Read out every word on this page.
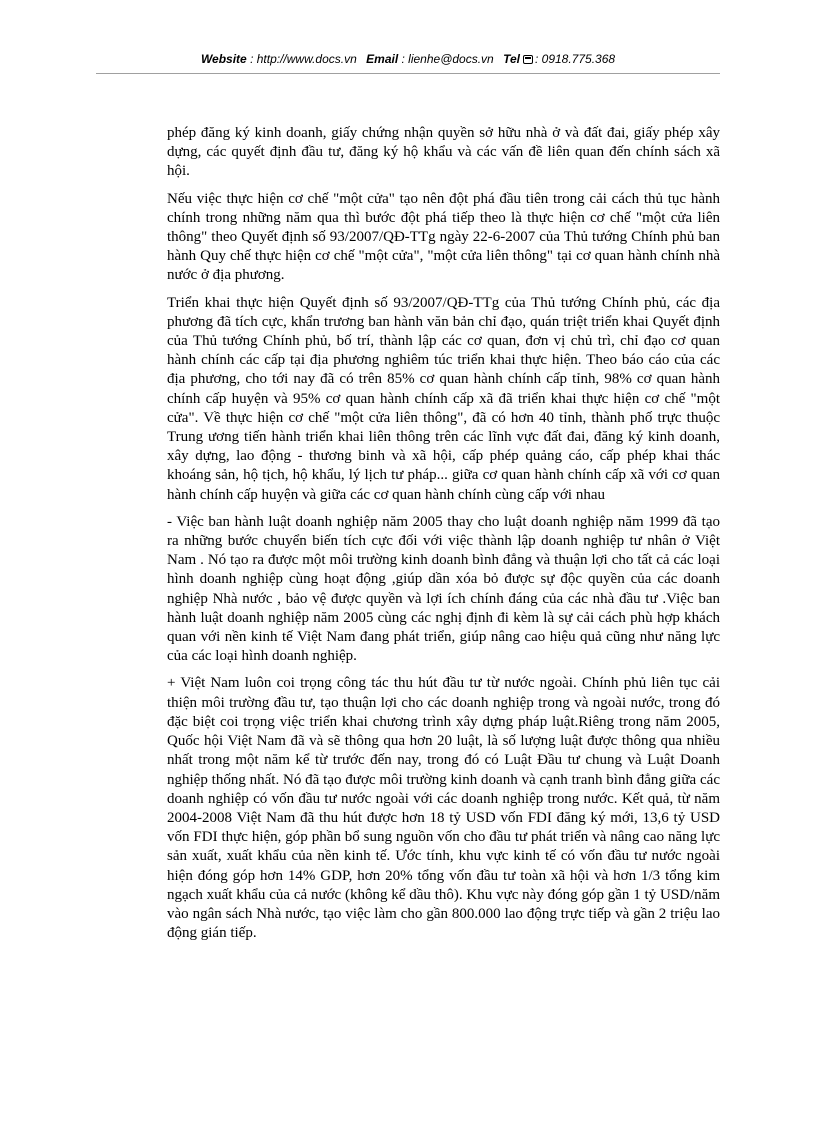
Website : http://www.docs.vn Email : lienhe@docs.vn Tel : 0918.775.368

phép đăng ký kinh doanh, giấy chứng nhận quyền sở hữu nhà ở và đất đai, giấy phép xây dựng, các quyết định đầu tư, đăng ký hộ khẩu và các vấn đề liên quan đến chính sách xã hội.

Nếu việc thực hiện cơ chế "một cửa" tạo nên đột phá đầu tiên trong cải cách thủ tục hành chính trong những năm qua thì bước đột phá tiếp theo là thực hiện cơ chế "một cửa liên thông" theo Quyết định số 93/2007/QĐ-TTg ngày 22-6-2007 của Thủ tướng Chính phủ ban hành Quy chế thực hiện cơ chế "một cửa", "một cửa liên thông" tại cơ quan hành chính nhà nước ở địa phương.

Triển khai thực hiện Quyết định số 93/2007/QĐ-TTg của Thủ tướng Chính phủ, các địa phương đã tích cực, khẩn trương ban hành văn bản chỉ đạo, quán triệt triển khai Quyết định của Thủ tướng Chính phủ, bố trí, thành lập các cơ quan, đơn vị chủ trì, chỉ đạo cơ quan hành chính các cấp tại địa phương nghiêm túc triển khai thực hiện. Theo báo cáo của các địa phương, cho tới nay đã có trên 85% cơ quan hành chính cấp tỉnh, 98% cơ quan hành chính cấp huyện và 95% cơ quan hành chính cấp xã đã triển khai thực hiện cơ chế "một cửa". Về thực hiện cơ chế "một cửa liên thông", đã có hơn 40 tỉnh, thành phố trực thuộc Trung ương tiến hành triển khai liên thông trên các lĩnh vực đất đai, đăng ký kinh doanh, xây dựng, lao động - thương binh và xã hội, cấp phép quảng cáo, cấp phép khai thác khoáng sản, hộ tịch, hộ khẩu, lý lịch tư pháp... giữa cơ quan hành chính cấp xã với cơ quan hành chính cấp huyện và giữa các cơ quan hành chính cùng cấp với nhau

- Việc ban hành luật doanh nghiệp năm 2005 thay cho luật doanh nghiệp năm 1999 đã tạo ra những bước chuyển biến tích cực đối với việc thành lập doanh nghiệp tư nhân ở Việt Nam . Nó tạo ra được một môi trường kinh doanh bình đẳng và thuận lợi cho tất cả các loại hình doanh nghiệp cùng hoạt động ,giúp dần xóa bỏ được sự độc quyền của các doanh nghiệp Nhà nước , bảo vệ được quyền và lợi ích chính đáng của các nhà đầu tư .Việc ban hành luật doanh nghiệp năm 2005 cùng các nghị định đi kèm là sự cải cách phù hợp khách quan với nền kinh tế Việt Nam đang phát triển, giúp nâng cao hiệu quả cũng như năng lực của các loại hình doanh nghiệp.

+ Việt Nam luôn coi trọng công tác thu hút đầu tư từ nước ngoài. Chính phủ liên tục cải thiện môi trường đầu tư, tạo thuận lợi cho các doanh nghiệp trong và ngoài nước, trong đó đặc biệt coi trọng việc triển khai chương trình xây dựng pháp luật.Riêng trong năm 2005, Quốc hội Việt Nam đã và sẽ thông qua hơn 20 luật, là số lượng luật được thông qua nhiều nhất trong một năm kể từ trước đến nay, trong đó có Luật Đầu tư chung và Luật Doanh nghiệp thống nhất. Nó đã tạo được môi trường kinh doanh và cạnh tranh bình đẳng giữa các doanh nghiệp có vốn đầu tư nước ngoài với các doanh nghiệp trong nước. Kết quả, từ năm 2004-2008 Việt Nam đã thu hút được hơn 18 tỷ USD vốn FDI đăng ký mới, 13,6 tỷ USD vốn FDI thực hiện, góp phần bổ sung nguồn vốn cho đầu tư phát triển và nâng cao năng lực sản xuất, xuất khẩu của nền kinh tế. Ước tính, khu vực kinh tế có vốn đầu tư nước ngoài hiện đóng góp hơn 14% GDP, hơn 20% tổng vốn đầu tư toàn xã hội và hơn 1/3 tổng kim ngạch xuất khẩu của cả nước (không kể dầu thô). Khu vực này đóng góp gần 1 tỷ USD/năm vào ngân sách Nhà nước, tạo việc làm cho gần 800.000 lao động trực tiếp và gần 2 triệu lao động gián tiếp.
